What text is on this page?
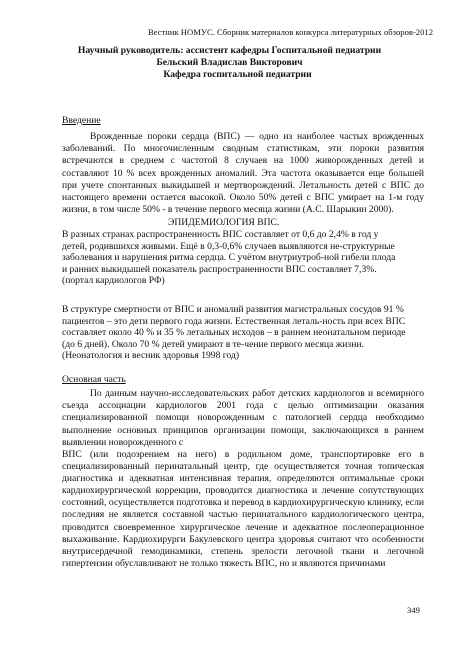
Вестник НОМУС. Сборник материалов конкурса литературных обзоров-2012
Научный руководитель: ассистент кафедры Госпитальной педиатрии
Бельский Владислав Викторович
Кафедра госпитальной педиатрии
Введение

Врожденные пороки сердца (ВПС) — одно из наиболее частых врожденных заболеваний. По многочисленным сводным статистикам, эти пороки развития встречаются в среднем с частотой 8 случаев на 1000 живорожденных детей и составляют 10 % всех врожденных аномалий. Эта частота оказывается еще большей при учете спонтанных выкидышей и мертворождений. Летальность детей с ВПС до настоящего времени остается высокой. Около 50% детей с ВПС умирает на 1-м году жизни, в том числе 50% - в течение первого месяца жизни (А.С. Шарыкин 2000).

ЭПИДЕМИОЛОГИЯ ВПС.

В разных странах распространенность ВПС составляет от 0,6 до 2,4% в год у детей, родившихся живыми. Ещё в 0,3-0,6% случаев выявляются не-структурные заболевания и нарушения ритма сердца. С учётом внутриутроб-ной гибели плода и ранних выкидышей показатель распространенности ВПС составляет 7,3%.(портал кардиологов РФ)

В структуре смертности от ВПС и аномалий развития магистральных сосудов 91 % пациентов – это дети первого года жизни. Естественная леталь-ность при всех ВПС составляет около 40 % и 35 % летальных исходов – в раннем неонатальном периоде (до 6 дней). Около 70 % детей умирают в те-чение первого месяца жизни.(Неонатология и весник здоровья 1998 год)

Основная часть

По данным научно-исследовательских работ детских кардиологов и всемирного съезда ассоциации кардиологов 2001 года с целью оптимизации оказания специализированной помощи новорожденным с патологией сердца необходимо выполнение основных принципов организации помощи, заключающихся в раннем выявлении новорожденного с

ВПС (или подозрением на него) в родильном доме, транспортировке его в специализированный перинатальный центр, где осуществляется точная топическая диагностика и адекватная интенсивная терапия, определяются оптимальные сроки кардиохирургической коррекции, проводится диагностика и лечение сопутствующих состояний, осуществляется подготовка и перевод в кардиохирургическую клинику, если последняя не является составной частью перинатального кардиологического центра, проводится своевременное хирургическое лечение и адекватное послеоперационное выхаживание. Кардиохирурги Бакулевского центра здоровья считают что особенности внутрисердечной гемодинамики, степень зрелости легочной ткани и легочной гипертензии обуславливают не только тяжесть ВПС, но и являются причинами

349
